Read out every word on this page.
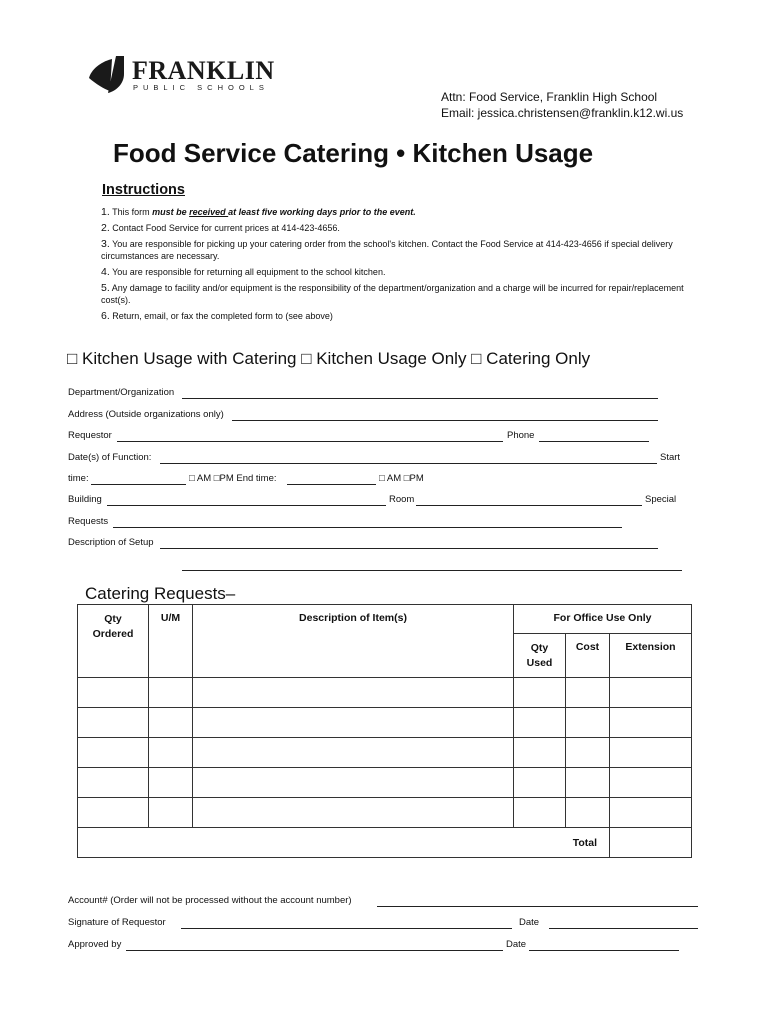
FRANKLIN
PUBLIC SCHOOLS
Attn: Food Service, Franklin High School
Email: jessica.christensen@franklin.k12.wi.us
Food Service Catering • Kitchen Usage
Instructions
1. This form must be received at least five working days prior to the event.
2. Contact Food Service for current prices at 414-423-4656.
3. You are responsible for picking up your catering order from the school's kitchen. Contact the Food Service at 414-423-4656 if special delivery circumstances are necessary.
4. You are responsible for returning all equipment to the school kitchen.
5. Any damage to facility and/or equipment is the responsibility of the department/organization and a charge will be incurred for repair/replacement cost(s).
6. Return, email, or fax the completed form to (see above)
□ Kitchen Usage with Catering □ Kitchen Usage Only □ Catering Only
Department/Organization
Address (Outside organizations only)
Requestor	Phone
Date(s) of Function:	Start
time:	□ AM □PM End time:	□ AM □PM
Building	Room	Special
Requests
Description of Setup
Catering Requests–
Qty Ordered	U/M	Description of Item(s)	For Office Use Only		
			Qty Used	Cost	Extension

Total					
Account# (Order will not be processed without the account number)
Signature of Requestor	Date
Approved by	Date
